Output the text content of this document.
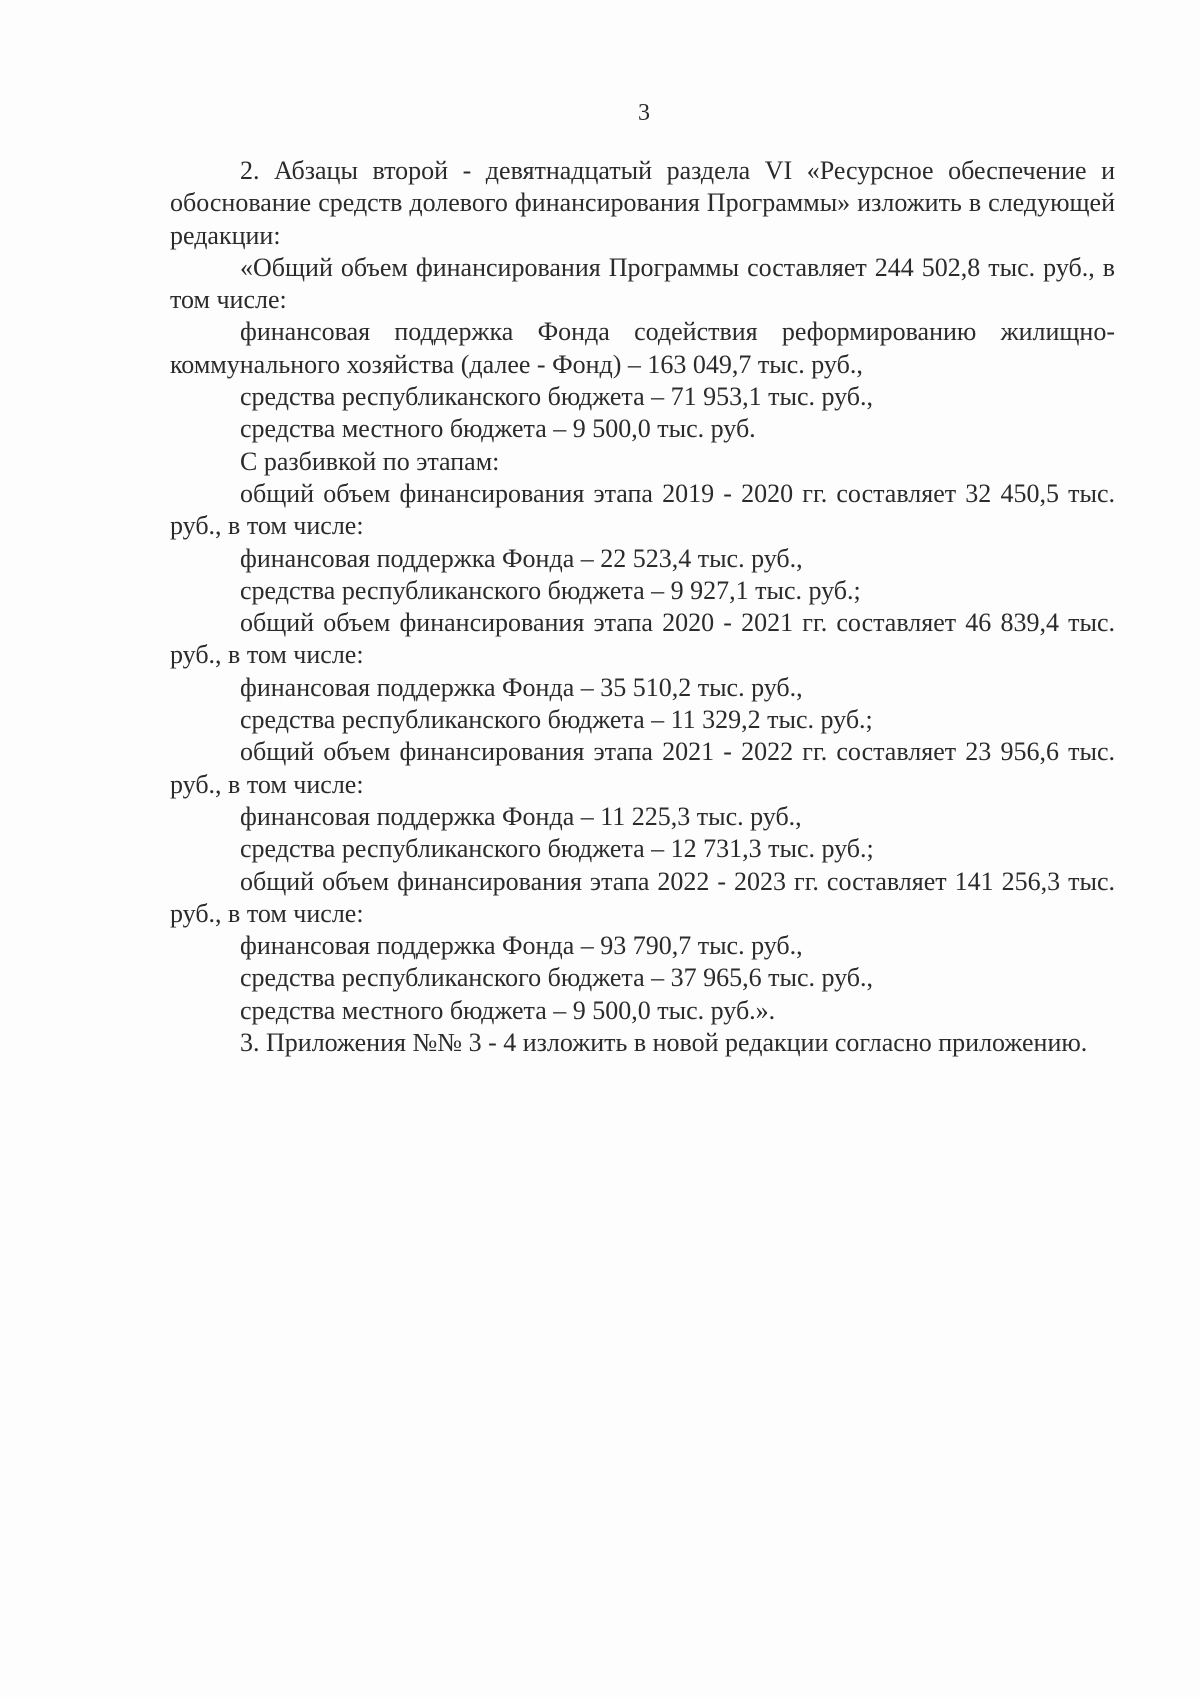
3

2. Абзацы второй - девятнадцатый раздела VI «Ресурсное обеспечение и обоснование средств долевого финансирования Программы» изложить в следующей редакции:

«Общий объем финансирования Программы составляет 244 502,8 тыс. руб., в том числе:

финансовая поддержка Фонда содействия реформированию жилищно-коммунального хозяйства (далее - Фонд) – 163 049,7 тыс. руб.,

средства республиканского бюджета – 71 953,1 тыс. руб.,

средства местного бюджета – 9 500,0 тыс. руб.

С разбивкой по этапам:

общий объем финансирования этапа 2019 - 2020 гг. составляет 32 450,5 тыс. руб., в том числе:

финансовая поддержка Фонда – 22 523,4 тыс. руб.,

средства республиканского бюджета – 9 927,1 тыс. руб.;

общий объем финансирования этапа 2020 - 2021 гг. составляет 46 839,4 тыс. руб., в том числе:

финансовая поддержка Фонда – 35 510,2 тыс. руб.,

средства республиканского бюджета – 11 329,2 тыс. руб.;

общий объем финансирования этапа 2021 - 2022 гг. составляет 23 956,6 тыс. руб., в том числе:

финансовая поддержка Фонда – 11 225,3 тыс. руб.,

средства республиканского бюджета – 12 731,3 тыс. руб.;

общий объем финансирования этапа 2022 - 2023 гг. составляет 141 256,3 тыс. руб., в том числе:

финансовая поддержка Фонда – 93 790,7 тыс. руб.,

средства республиканского бюджета – 37 965,6 тыс. руб.,

средства местного бюджета – 9 500,0 тыс. руб.».

3. Приложения №№ 3 - 4 изложить в новой редакции согласно приложению.
